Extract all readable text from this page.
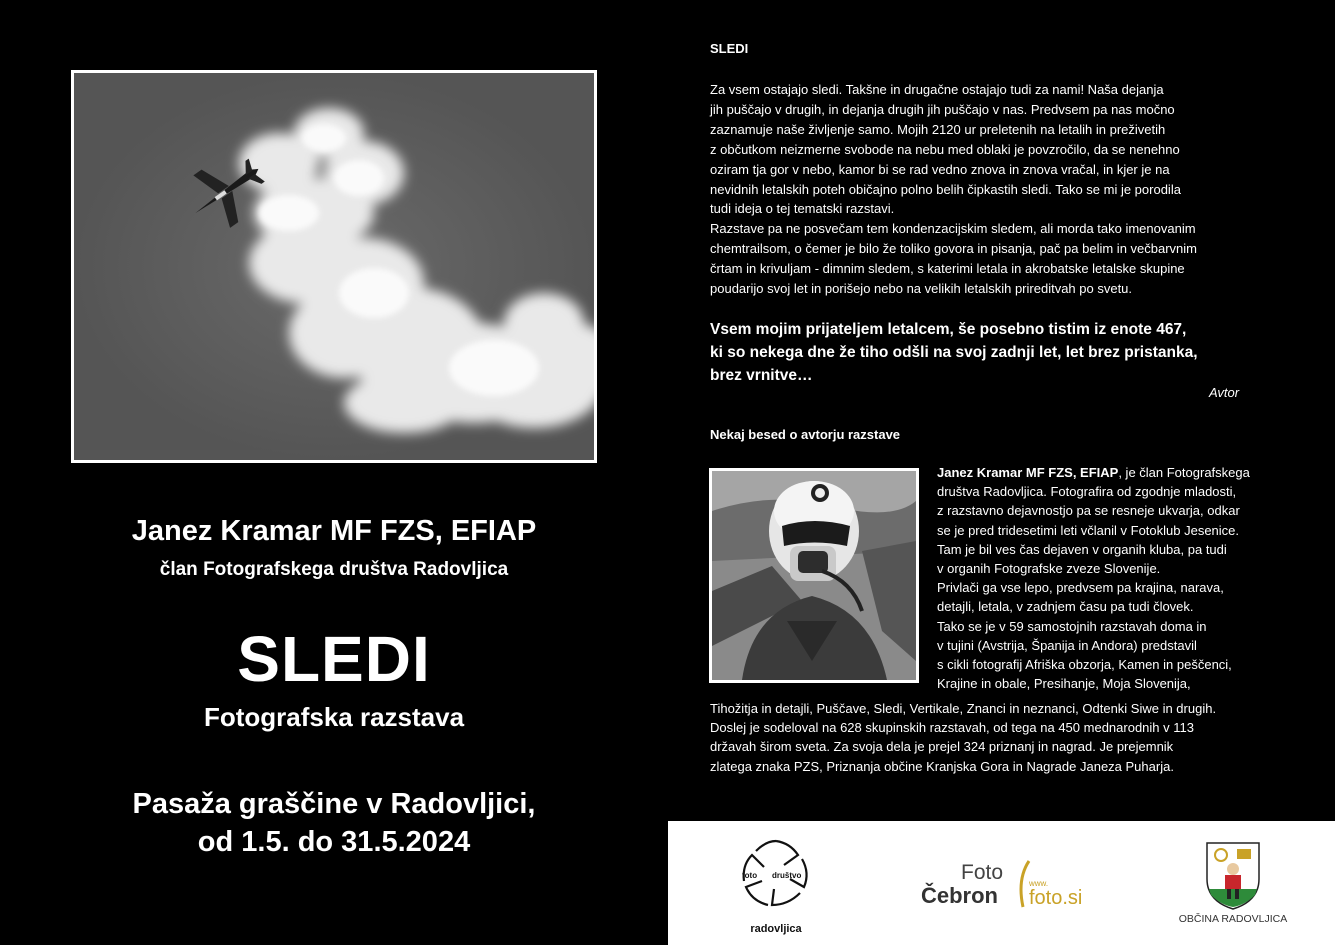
Janez Kramar MF FZS, EFIAP
član Fotografskega društva Radovljica
SLEDI
Fotografska razstava
Pasaža graščine v Radovljici,
od 1.5. do 31.5.2024
SLEDI

Za vsem ostajajo sledi. Takšne in drugačne ostajajo tudi za nami! Naša dejanja

jih puščajo v drugih, in dejanja drugih jih puščajo v nas. Predvsem pa nas močno

zaznamuje naše življenje samo. Mojih 2120 ur preletenih na letalih in preživetih

z občutkom neizmerne svobode na nebu med oblaki je povzročilo, da se nenehno

oziram tja gor v nebo, kamor bi se rad vedno znova in znova vračal, in kjer je na

nevidnih letalskih poteh običajno polno belih čipkastih sledi. Tako se mi je porodila

tudi ideja o tej tematski razstavi.

Razstave pa ne posvečam tem kondenzacijskim sledem, ali morda tako imenovanim

chemtrailsom, o čemer je bilo že toliko govora in pisanja, pač pa belim in večbarvnim

črtam in krivuljam - dimnim sledem, s katerimi letala in akrobatske letalske skupine

poudarijo svoj let in porišejo nebo na velikih letalskih prireditvah po svetu.

Vsem mojim prijateljem letalcem, še posebno tistim iz enote 467,

ki so nekega dne že tiho odšli na svoj zadnji let, let brez pristanka,

brez vrnitve…

Avtor
Nekaj besed o avtorju razstave

Janez Kramar MF FZS, EFIAP, je član Fotografskega

društva Radovljica. Fotografira od zgodnje mladosti,

z razstavno dejavnostjo pa se resneje ukvarja, odkar

se je pred tridesetimi leti včlanil v Fotoklub Jesenice.

Tam je bil ves čas dejaven v organih kluba, pa tudi

v organih Fotografske zveze Slovenije.

Privlači ga vse lepo, predvsem pa krajina, narava,

detajli, letala, v zadnjem času pa tudi človek.

Tako se je v 59 samostojnih razstavah doma in

v tujini (Avstrija, Španija in Andora) predstavil

s cikli fotografij Afriška obzorja, Kamen in peščenci,

Krajine in obale, Presihanje, Moja Slovenija,

Tihožitja in detajli, Puščave, Sledi, Vertikale, Znanci in neznanci, Odtenki Siwe in drugih.

Doslej je sodeloval na 628 skupinskih razstavah, od tega na 450 mednarodnih v 113

državah širom sveta. Za svoja dela je prejel 324 priznanj in nagrad. Je prejemnik

zlatega znaka PZS, Priznanja občine Kranjska Gora in Nagrade Janeza Puharja.

foto društvo
radovljica
Foto
Čebron	www.
foto.si
OBČINA RADOVLJICA
